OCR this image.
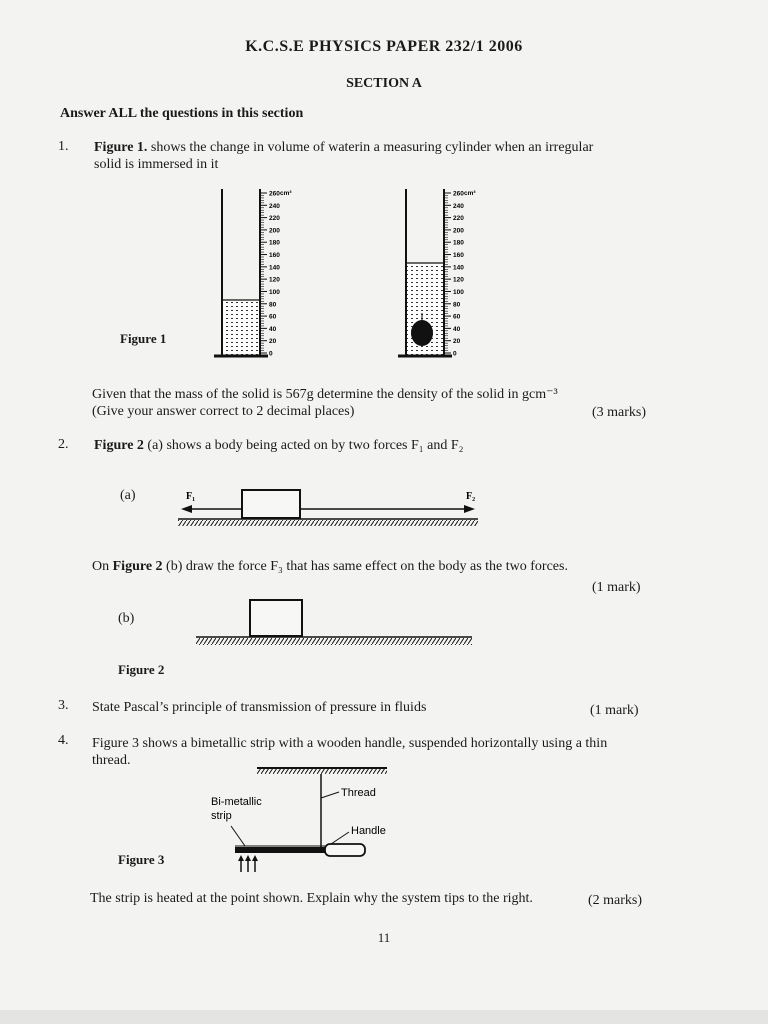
K.C.S.E PHYSICS PAPER 232/1 2006
SECTION A
Answer ALL the questions in this section
1. Figure 1. shows the change in volume of waterin a measuring cylinder when an irregular
solid is immersed in it
cm³	cm³
260
240
220
200
180
160
140
120
100
80
60
40
20
0
260
240
220
200
180
160
140
120
100
80
60
40
20
0
Figure 1
Given that the mass of the solid is 567g determine the density of the solid in gcm⁻³
(Give your answer correct to 2 decimal places)	(3 marks)
2. Figure 2 (a) shows a body being acted on by two forces F₁ and F₂
(a)	F₁	F₂
On Figure 2 (b) draw the force F₃ that has same effect on the body as the two forces.
(1 mark)
(b)
Figure 2
3. State Pascal’s principle of transmission of pressure in fluids	(1 mark)
4. Figure 3 shows a bimetallic strip with a wooden handle, suspended horizontally using a thin
thread.
Thread
Bi-metallic
strip
Handle
Figure 3
The strip is heated at the point shown. Explain why the system tips to the right.	(2 marks)
11
